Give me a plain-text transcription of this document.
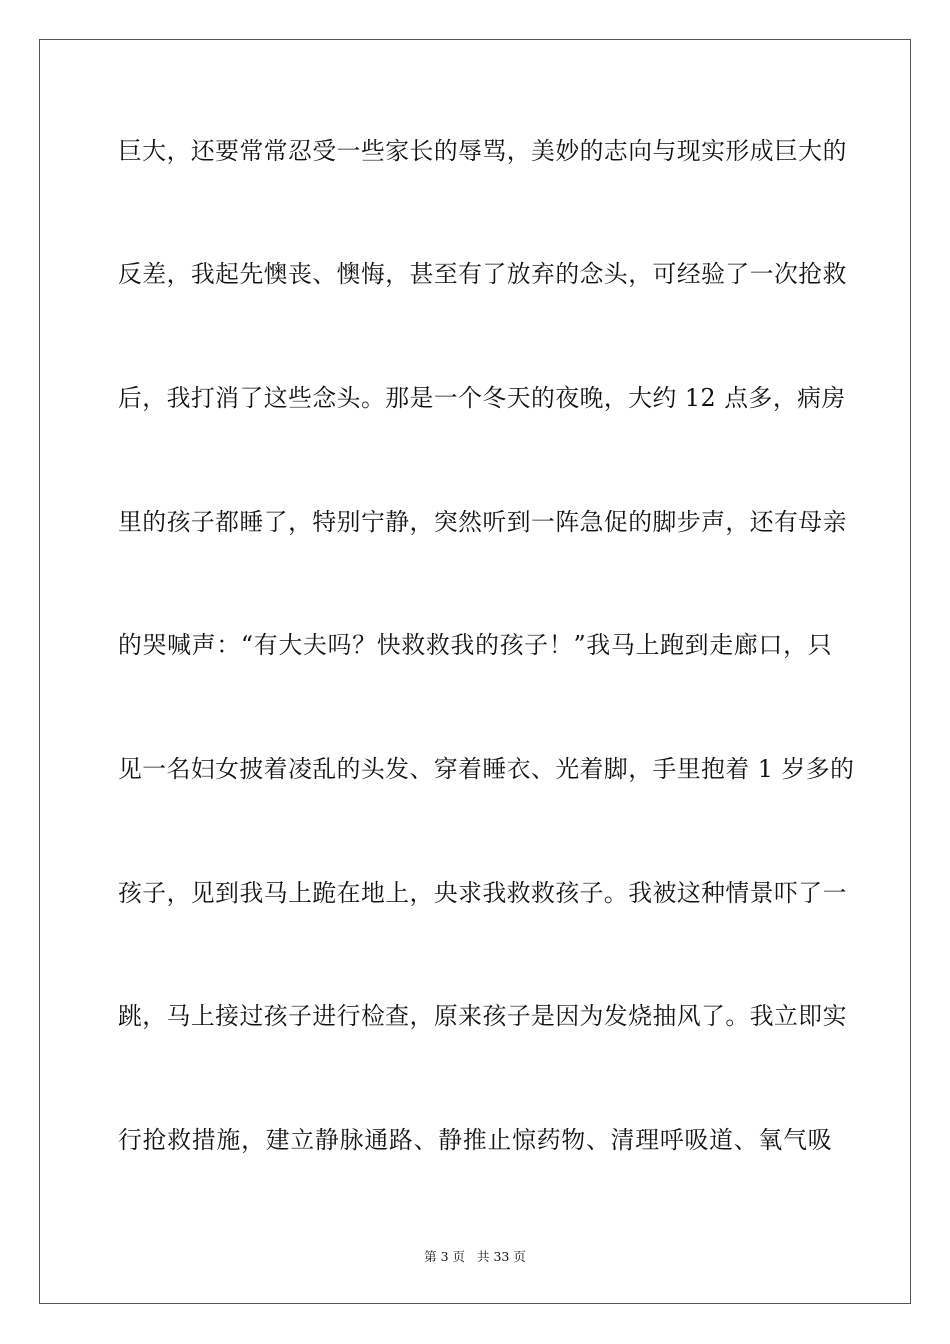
巨大，还要常常忍受一些家长的辱骂，美妙的志向与现实形成巨大的
反差，我起先懊丧、懊悔，甚至有了放弃的念头，可经验了一次抢救
后，我打消了这些念头。那是一个冬天的夜晚，大约 12 点多，病房
里的孩子都睡了，特别宁静，突然听到一阵急促的脚步声，还有母亲
的哭喊声：“有大夫吗？快救救我的孩子！”我马上跑到走廊口，只
见一名妇女披着凌乱的头发、穿着睡衣、光着脚，手里抱着 1 岁多的
孩子，见到我马上跪在地上，央求我救救孩子。我被这种情景吓了一
跳，马上接过孩子进行检查，原来孩子是因为发烧抽风了。我立即实
行抢救措施，建立静脉通路、静推止惊药物、清理呼吸道、氧气吸
第 3 页 共 33 页
